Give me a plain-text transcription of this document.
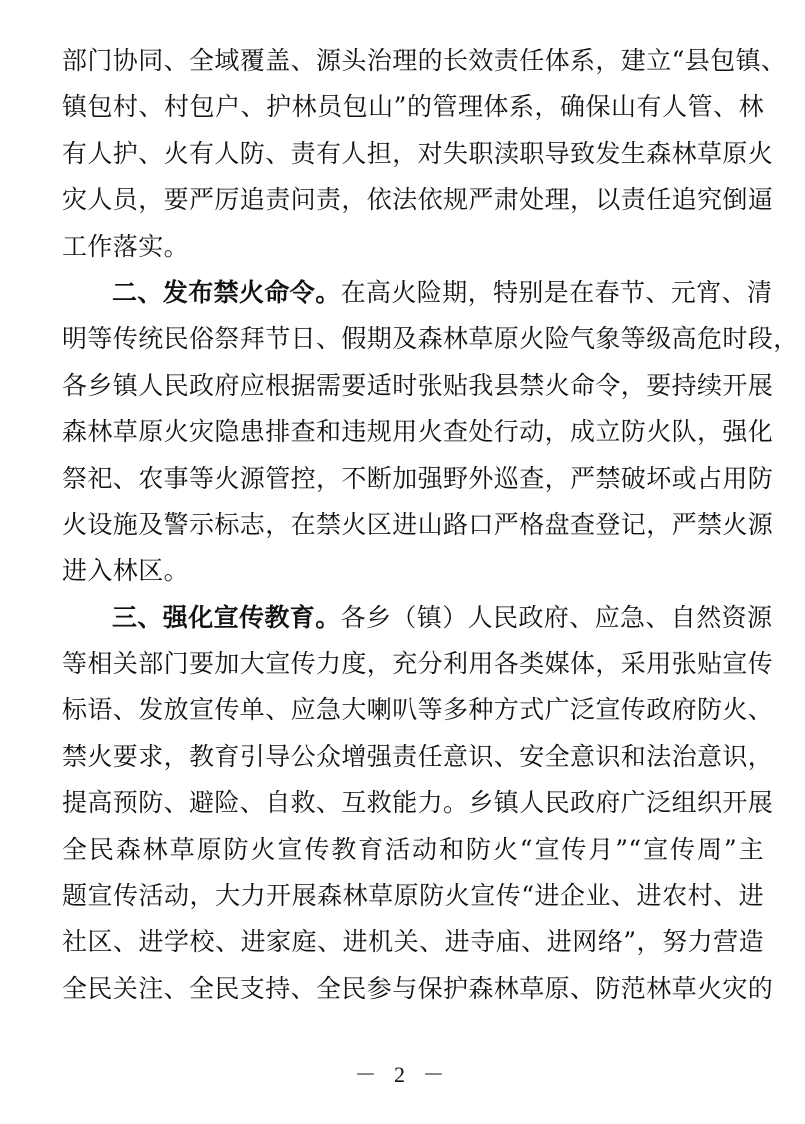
部门协同、全域覆盖、源头治理的长效责任体系，建立“县包镇、
镇包村、村包户、护林员包山”的管理体系，确保山有人管、林
有人护、火有人防、责有人担，对失职渎职导致发生森林草原火
灾人员，要严厉追责问责，依法依规严肃处理，以责任追究倒逼
工作落实。
二、发布禁火命令。在高火险期，特别是在春节、元宵、清
明等传统民俗祭拜节日、假期及森林草原火险气象等级高危时段，
各乡镇人民政府应根据需要适时张贴我县禁火命令，要持续开展
森林草原火灾隐患排查和违规用火查处行动，成立防火队，强化
祭祀、农事等火源管控，不断加强野外巡查，严禁破坏或占用防
火设施及警示标志，在禁火区进山路口严格盘查登记，严禁火源
进入林区。
三、强化宣传教育。各乡（镇）人民政府、应急、自然资源
等相关部门要加大宣传力度，充分利用各类媒体，采用张贴宣传
标语、发放宣传单、应急大喇叭等多种方式广泛宣传政府防火、
禁火要求，教育引导公众增强责任意识、安全意识和法治意识，
提高预防、避险、自救、互救能力。乡镇人民政府广泛组织开展
全民森林草原防火宣传教育活动和防火“宣传月”“宣传周”主
题宣传活动，大力开展森林草原防火宣传“进企业、进农村、进
社区、进学校、进家庭、进机关、进寺庙、进网络”，努力营造
全民关注、全民支持、全民参与保护森林草原、防范林草火灾的
－ 2 －
